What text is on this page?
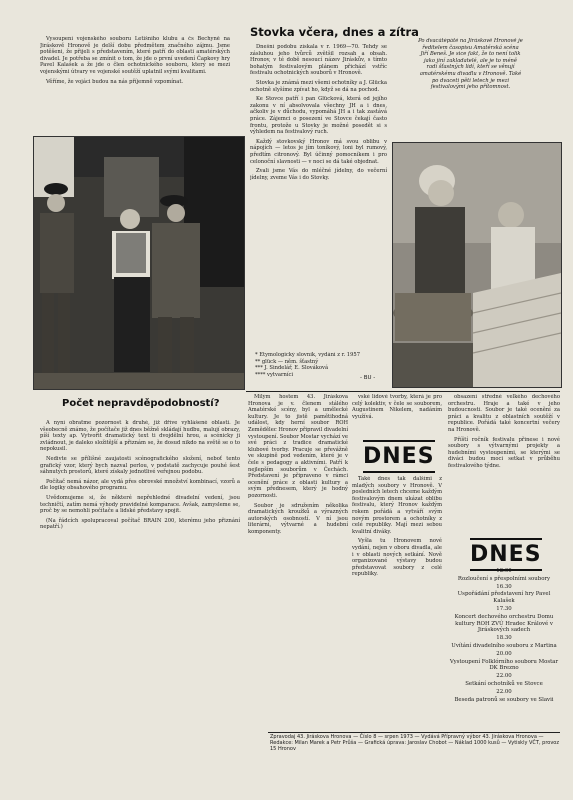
Vysoupení vojenského souboru Letišního klubu a čs Bechyně na Jiráskově Hronově je delší dobu předmětem značného zájmu. Jsme potěšeni, že přijeli s představením, které patří do oblasti amatérských divadel. Je potřeba se zmínit o tom, že jde o první uvedení Čapkovy hry Pavel Kalašek a že jde o člen ochotnického souboru, který se mezi vojenskými útvary ve vojenské soutěží uplatnil svými kvalitami.

Věříme, že vojáci budou na nás příjemně vzpomínat.

Stovka včera, dnes a zítra

Dnešní podobu získala v r. 1969—70. Tehdy se zásluhou jeho tvůrců zvětšil rozsah a obsah. Hronov, v té době nesoucí název Jiráskův, s tímto bohatým festivalovým plánem přichází vstříc festivalu ochotnických souborů v Hronově.

Stovka je známá mezi všemi ochotníky a J. Glücka ochotně slyšíme zpívat ho, když se dá na pochod.

Ke Stovce patří i pan Glücková, která od jejího zakonu v ní absolvovala všechny JH a i dnes, ačkoliv je v důchodu, vypomáhá JH a i tak zastává práce. Zájemci o posezení ve Stovce čekají často frontu, protože u Stovky je možné posedět si s výhledem na festivalový ruch.

Každý stovkovský Hronov má svou oblibu v nápojích — letos je jím toníkový, loni byl rumový, předtím citronový. Byl účinný pomocníkem i pro celonoční slavnosti — v noci se dá také objednat.

Zvali jsme Vás do mléčné jídelny, do večerní jídelny, zveme Vás i do Stovky.

* Etymologický slovník, vydání z r. 1957
** glück — něm. šťastný
*** J. Sindelář, E. Slováková
**** vytvarníci
- BU -
Po dvacátépáté na Jiráskově Hronově je ředitelem časopisu Amatérská scéna Jiří Beneš. Je sice fakt, že to není tolik jako jiní zakladatelé, ale je to méně radí šťastných lidí, kteří se věnují amatérskému divadlu v Hronově. Také po dvaceti pěti letech je mezi festivalovými jeho přítomnost.
Počet nepravděpodobností?

A nyní obraťme pozornost k druhé, již dříve vyhlášené oblasti. Je všeobecně známo, že počítače již dnes běžně skládají hudbu, malují obrazy, píší texty ap. Vytvořit dramatický text ti dvojdělní hrou, a scénicky ji zvládnout, je daleko složitější a přiznám se, že dosud nikdo na světě se o to nepokusil.

Nedivte se přílišné zaujatosti scénografického složení, neboť tento grafický vzor, který bych nazval perlou, v podstatě zachycuje pouhé šest sáhnutých prostorů, které získaly jednotlivé veřejnou podobu.

Počítač nemá názor, ale vydá přes obrovské množství kombinací, vzorů a dle logiky obsahového programu.

Uvědomujeme si, že některé nepřehledné divadelní vedení, jsou techničtí, zatím nemá výhody pravidelné komparace. Avšak, zamysleme se, proč by se nemohli počítače a lidské představy spojit.

(Na řádcích spolupracoval počítač BRAIN 200, kterému jeho přiznání nepatří.)

Milým hostem 43. Jiráskova Hronova je v. členem stálého Amatérské scény, byl a umělecké kultury. Je to jistě pamětihodná událost, kdy herní soubor ROH Zemědělec Hronov připravil divadelní vystoupení. Soubor Mostar vychází ve své práci z tradice dramatické klubové tvorby. Pracuje se převážně ve skupině pod vedením, které je v čele s pedagogy a aktivními. Patří k nejlepším souborům v Čechách. Představení je připraveno v rámci ocenění práce z oblasti kultury a svým přednesem, který je hodný pozornosti.

Soubor je sdružením několika dramatických kroužků a výrazných autorských osobností. V ní jsou literární, výtvarné a hudební komponenty.

vské lidové tvorby, která je pro celý kolektiv, v čele se souborem, Augustinem Nikelem, nadáním využívá.

DNES

Také dnes tak dalšími z mladých soubory v Hronově. V posledních letech chceme každým festivalovým dnem ukázat oblibu festivalu, který Hronov každým rokem pořádá a vytváří svým novým prostorem a ochotníky z celé republiky. Mají mezi sebou kvalitní diváky.

Vyšla tu Hronovem nové vydání, nejen v oboru divadla, ale i v oblasti nových setkání. Nově organizované výstavy budou představovat soubory z celé republiky.

obsazení středné velkého dechového orchestru. Hraje a také v jeho budoucnosti. Soubor je také ocenění za práci a kvalitu z oblastních soutěží v republice. Pořádá také koncertní večery na Hronově.

Příští ročník festivalu přinese i nové soubory s výtvarnými projekty a hudebními vystoupeními, se kterými se diváci budou moci setkat v průběhu festivalového týdne.

DNES
12.00
Rozloučení s přespolními soubory
16.30
Uspořádání představení hry Pavel Kalašek
17.30
Koncert dechového orchestru Domu kultury ROH ZVÚ Hradec Králové v Jiráskových sadech
18.30
Uvítání divadelního souboru z Martina
20.00
Vystoupení Folklórního souboru Mostar DK Brezno
22.00
Setkání ochotníků ve Stovce
22.00
Beseda patronů se soubory ve Slavii
Zpravodaj 43. Jiráskova Hronova — Číslo 8 — srpen 1973 — Vydává Přípravný výbor 43. Jiráskova Hronova — Redakce: Milan Marek a Petr Průša — Grafická úprava: Jaroslav Chobot — Náklad 1000 kusů — Vytiskly VČT, provoz 15 Hronov
